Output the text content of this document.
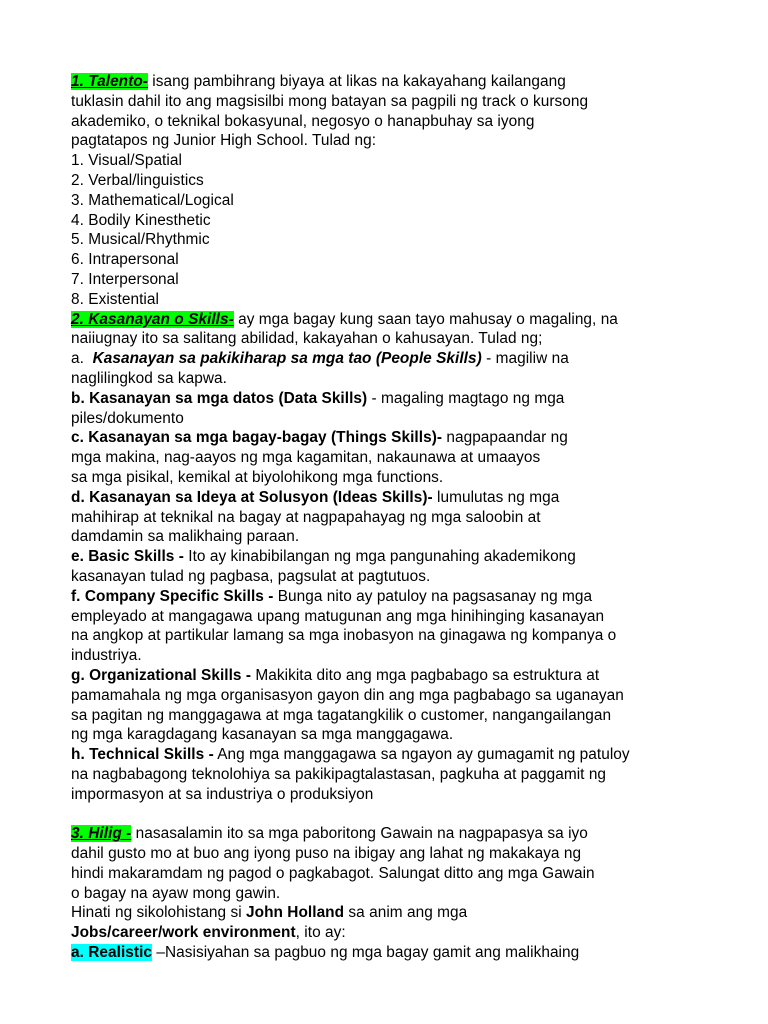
1. Talento- isang pambihrang biyaya at likas na kakayahang kailangang
tuklasin dahil ito ang magsisilbi mong batayan sa pagpili ng track o kursong
akademiko, o teknikal bokasyunal, negosyo o hanapbuhay sa iyong
pagtatapos ng Junior High School. Tulad ng:
1. Visual/Spatial
2. Verbal/linguistics
3. Mathematical/Logical
4. Bodily Kinesthetic
5. Musical/Rhythmic
6. Intrapersonal
7. Interpersonal
8. Existential
2. Kasanayan o Skills- ay mga bagay kung saan tayo mahusay o magaling, na
naiiugnay ito sa salitang abilidad, kakayahan o kahusayan. Tulad ng;
a.  Kasanayan sa pakikiharap sa mga tao (People Skills) - magiliw na
naglilingkod sa kapwa.
b. Kasanayan sa mga datos (Data Skills) - magaling magtago ng mga
piles/dokumento
c. Kasanayan sa mga bagay-bagay (Things Skills)- nagpapaandar ng
mga makina, nag-aayos ng mga kagamitan, nakaunawa at umaayos
sa mga pisikal, kemikal at biyolohikong mga functions.
d. Kasanayan sa Ideya at Solusyon (Ideas Skills)- lumulutas ng mga
mahihirap at teknikal na bagay at nagpapahayag ng mga saloobin at
damdamin sa malikhaing paraan.
e. Basic Skills - Ito ay kinabibilangan ng mga pangunahing akademikong
kasanayan tulad ng pagbasa, pagsulat at pagtutuos.
f. Company Specific Skills - Bunga nito ay patuloy na pagsasanay ng mga
empleyado at mangagawa upang matugunan ang mga hinihinging kasanayan
na angkop at partikular lamang sa mga inobasyon na ginagawa ng kompanya o
industriya.
g. Organizational Skills - Makikita dito ang mga pagbabago sa estruktura at
pamamahala ng mga organisasyon gayon din ang mga pagbabago sa uganayan
sa pagitan ng manggagawa at mga tagatangkilik o customer, nangangailangan
ng mga karagdagang kasanayan sa mga manggagawa.
h. Technical Skills - Ang mga manggagawa sa ngayon ay gumagamit ng patuloy
na nagbabagong teknolohiya sa pakikipagtalastasan, pagkuha at paggamit ng
impormasyon at sa industriya o produksiyon
3. Hilig - nasasalamin ito sa mga paboritong Gawain na nagpapasya sa iyo
dahil gusto mo at buo ang iyong puso na ibigay ang lahat ng makakaya ng
hindi makaramdam ng pagod o pagkabagot. Salungat ditto ang mga Gawain
o bagay na ayaw mong gawin.
Hinati ng sikolohistang si John Holland sa anim ang mga
Jobs/career/work environment, ito ay:
a. Realistic –Nasisiyahan sa pagbuo ng mga bagay gamit ang malikhaing
